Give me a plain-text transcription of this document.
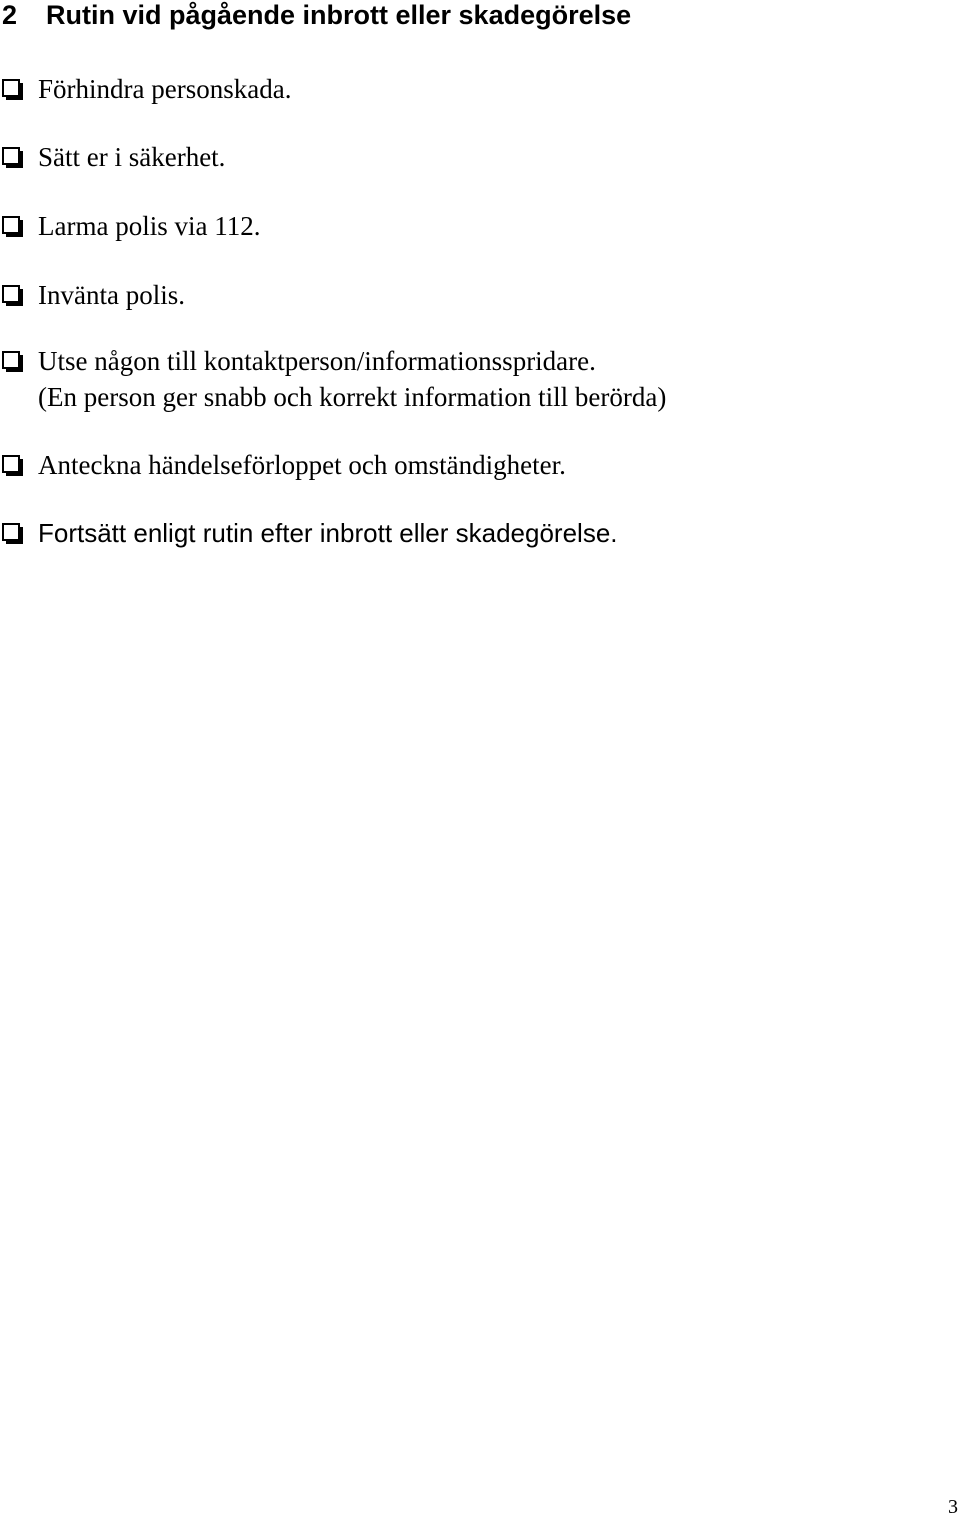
2 Rutin vid pågående inbrott eller skadegörelse
Förhindra personskada.
Sätt er i säkerhet.
Larma polis via 112.
Invänta polis.
Utse någon till kontaktperson/informationsspridare.
(En person ger snabb och korrekt information till berörda)
Anteckna händelseförloppet och omständigheter.
Fortsätt enligt rutin efter inbrott eller skadegörelse.
3
